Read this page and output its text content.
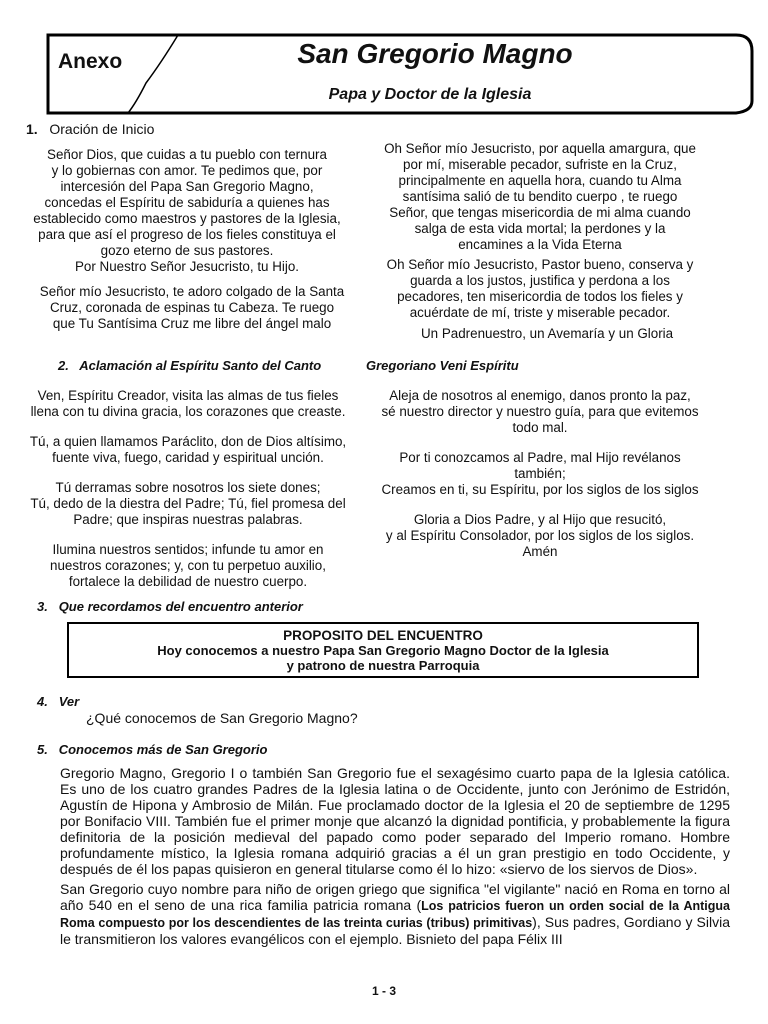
Anexo	San Gregorio Magno
Papa y Doctor de la Iglesia
1. Oración de Inicio

Señor Dios, que cuidas a tu pueblo con ternura

y lo gobiernas con amor. Te pedimos que, por

intercesión del Papa San Gregorio Magno,

concedas el Espíritu de sabiduría a quienes has

establecido como maestros y pastores de la Iglesia,

para que así el progreso de los fieles constituya el

gozo eterno de sus pastores.

Por Nuestro Señor Jesucristo, tu Hijo.

Señor mío Jesucristo, te adoro colgado de la Santa

Cruz, coronada de espinas tu Cabeza. Te ruego

que Tu Santísima Cruz me libre del ángel malo

Oh Señor mío Jesucristo, por aquella amargura, que

por mí, miserable pecador, sufriste en la Cruz,

principalmente en aquella hora, cuando tu Alma

santísima salió de tu bendito cuerpo , te ruego

Señor, que tengas misericordia de mi alma cuando

salga de esta vida mortal; la perdones y la

encamines a la Vida Eterna

Oh Señor mío Jesucristo, Pastor bueno, conserva y

guarda a los justos, justifica y perdona a los

pecadores, ten misericordia de todos los fieles y

acuérdate de mí, triste y miserable pecador.

Un Padrenuestro, un Avemaría y un Gloria
2. Aclamación al Espíritu Santo del Canto	Gregoriano Veni Espíritu

Ven, Espíritu Creador, visita las almas de tus fieles

llena con tu divina gracia, los corazones que creaste.

Tú, a quien llamamos Paráclito, don de Dios altísimo,

fuente viva, fuego, caridad y espiritual unción.

Tú derramas sobre nosotros los siete dones;

Tú, dedo de la diestra del Padre; Tú, fiel promesa del

Padre; que inspiras nuestras palabras.

Ilumina nuestros sentidos; infunde tu amor en

nuestros corazones; y, con tu perpetuo auxilio,

fortalece la debilidad de nuestro cuerpo.

Aleja de nosotros al enemigo, danos pronto la paz,

sé nuestro director y nuestro guía, para que evitemos

todo mal.

Por ti conozcamos al Padre, mal Hijo revélanos

también;

Creamos en ti, su Espíritu, por los siglos de los siglos

Gloria a Dios Padre, y al Hijo que resucitó,

y al Espíritu Consolador, por los siglos de los siglos.

Amén

3. Que recordamos del encuentro anterior
PROPOSITO DEL ENCUENTRO
Hoy conocemos a nuestro Papa San Gregorio Magno Doctor de la Iglesia
y patrono de nuestra Parroquia
4. Ver
¿Qué conocemos de San Gregorio Magno?
5. Conocemos más de San Gregorio
Gregorio Magno, Gregorio I o también San Gregorio fue el sexagésimo cuarto papa de la Iglesia católica. Es uno de los cuatro grandes Padres de la Iglesia latina o de Occidente, junto con Jerónimo de Estridón, Agustín de Hipona y Ambrosio de Milán. Fue proclamado doctor de la Iglesia el 20 de septiembre de 1295 por Bonifacio VIII. También fue el primer monje que alcanzó la dignidad pontificia, y probablemente la figura definitoria de la posición medieval del papado como poder separado del Imperio romano. Hombre profundamente místico, la Iglesia romana adquirió gracias a él un gran prestigio en todo Occidente, y después de él los papas quisieron en general titularse como él lo hizo: «siervo de los siervos de Dios».
San Gregorio cuyo nombre para niño de origen griego que significa "el vigilante" nació en Roma en torno al año 540 en el seno de una rica familia patricia romana (Los patricios fueron un orden social de la Antigua Roma compuesto por los descendientes de las treinta curias (tribus) primitivas), Sus padres, Gordiano y Silvia le transmitieron los valores evangélicos con el ejemplo. Bisnieto del papa Félix III
1 - 3
